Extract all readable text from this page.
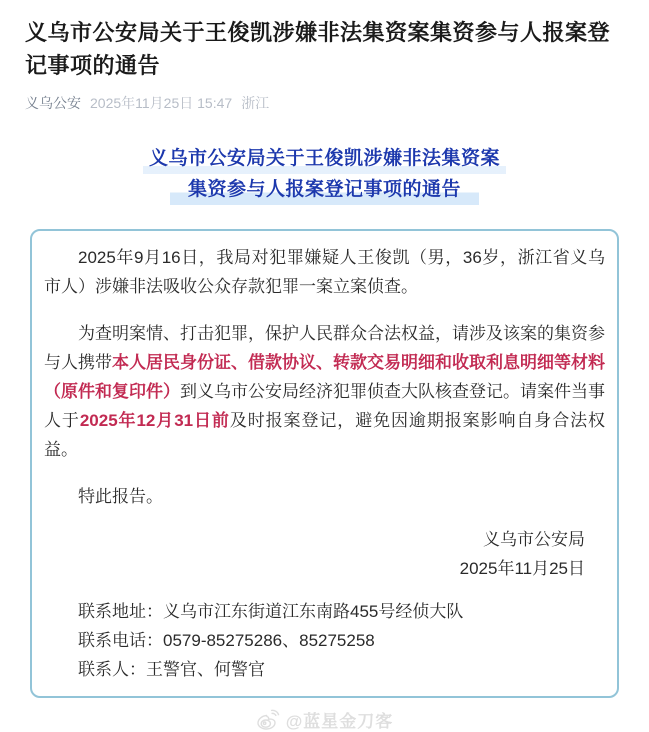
义乌市公安局关于王俊凯涉嫌非法集资案集资参与人报案登记事项的通告
义乌公安 2025年11月25日 15:47 浙江
义乌市公安局关于王俊凯涉嫌非法集资案
集资参与人报案登记事项的通告

2025年9月16日，我局对犯罪嫌疑人王俊凯（男，36岁，浙江省义乌市人）涉嫌非法吸收公众存款犯罪一案立案侦查。

为查明案情、打击犯罪，保护人民群众合法权益，请涉及该案的集资参与人携带本人居民身份证、借款协议、转款交易明细和收取利息明细等材料（原件和复印件）到义乌市公安局经济犯罪侦查大队核查登记。请案件当事人于2025年12月31日前及时报案登记，避免因逾期报案影响自身合法权益。

特此报告。

义乌市公安局
2025年11月25日

联系地址：义乌市江东街道江东南路455号经侦大队

联系电话：0579-85275286、85275258

联系人：王警官、何警官

@蓝星金刀客
